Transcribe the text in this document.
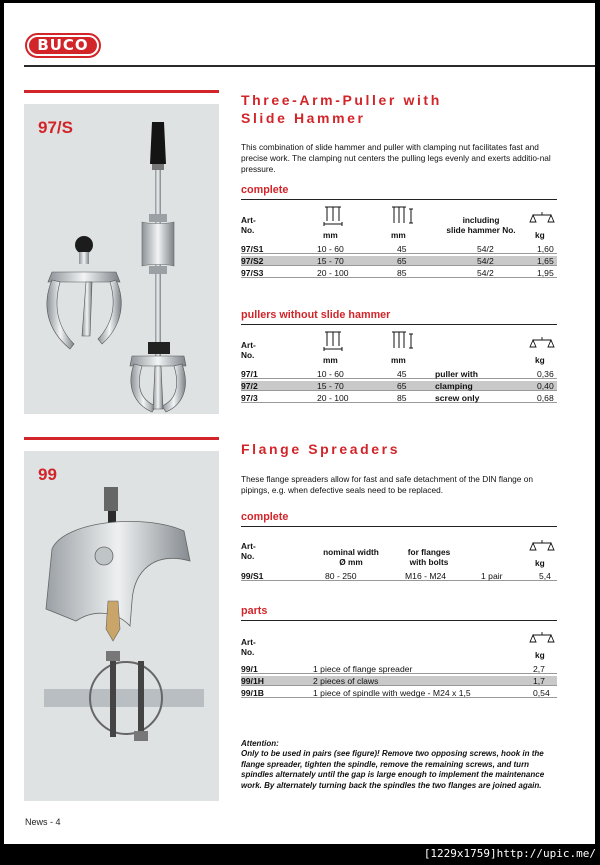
BUCO
97/S
Three-Arm-Puller with
Slide Hammer
This combination of slide hammer and puller with clamping nut facilitates fast and precise work. The clamping nut centers the pulling legs evenly and exerts additio-nal pressure.
complete
Art-
No.	mm	mm
including
slide hammer No.	kg
97/S1	10 - 60	45	54/2	1,60
97/S2	15 - 70	65	54/2	1,65
97/S3	20 - 100	85	54/2	1,95
pullers without slide hammer
Art-
No.	mm	mm	kg
97/1	10 - 60	45	puller with	0,36
97/2	15 - 70	65	clamping	0,40
97/3	20 - 100	85	screw only	0,68
99
Flange Spreaders
These flange spreaders allow for fast and safe detachment of the DIN flange on pipings, e.g. when defective seals need to be replaced.
complete
Art-
No.	nominal width
Ø mm
for flanges
with bolts	kg
99/S1	80 - 250	M16 - M24	1 pair	5,4
parts
Art-
No.	kg
99/1	1 piece of flange spreader	2,7
99/1H	2 pieces of claws	1,7
99/1B	1 piece of spindle with wedge - M24 x 1,5	0,54
Attention:
Only to be used in pairs (see figure)! Remove two opposing screws, hook in the flange spreader, tighten the spindle, remove the remaining screws, and turn spindles alternately until the gap is large enough to implement the maintenance work. By alternately turning back the spindles the two flanges are joined again.
News - 4
[1229x1759]http://upic.me/
